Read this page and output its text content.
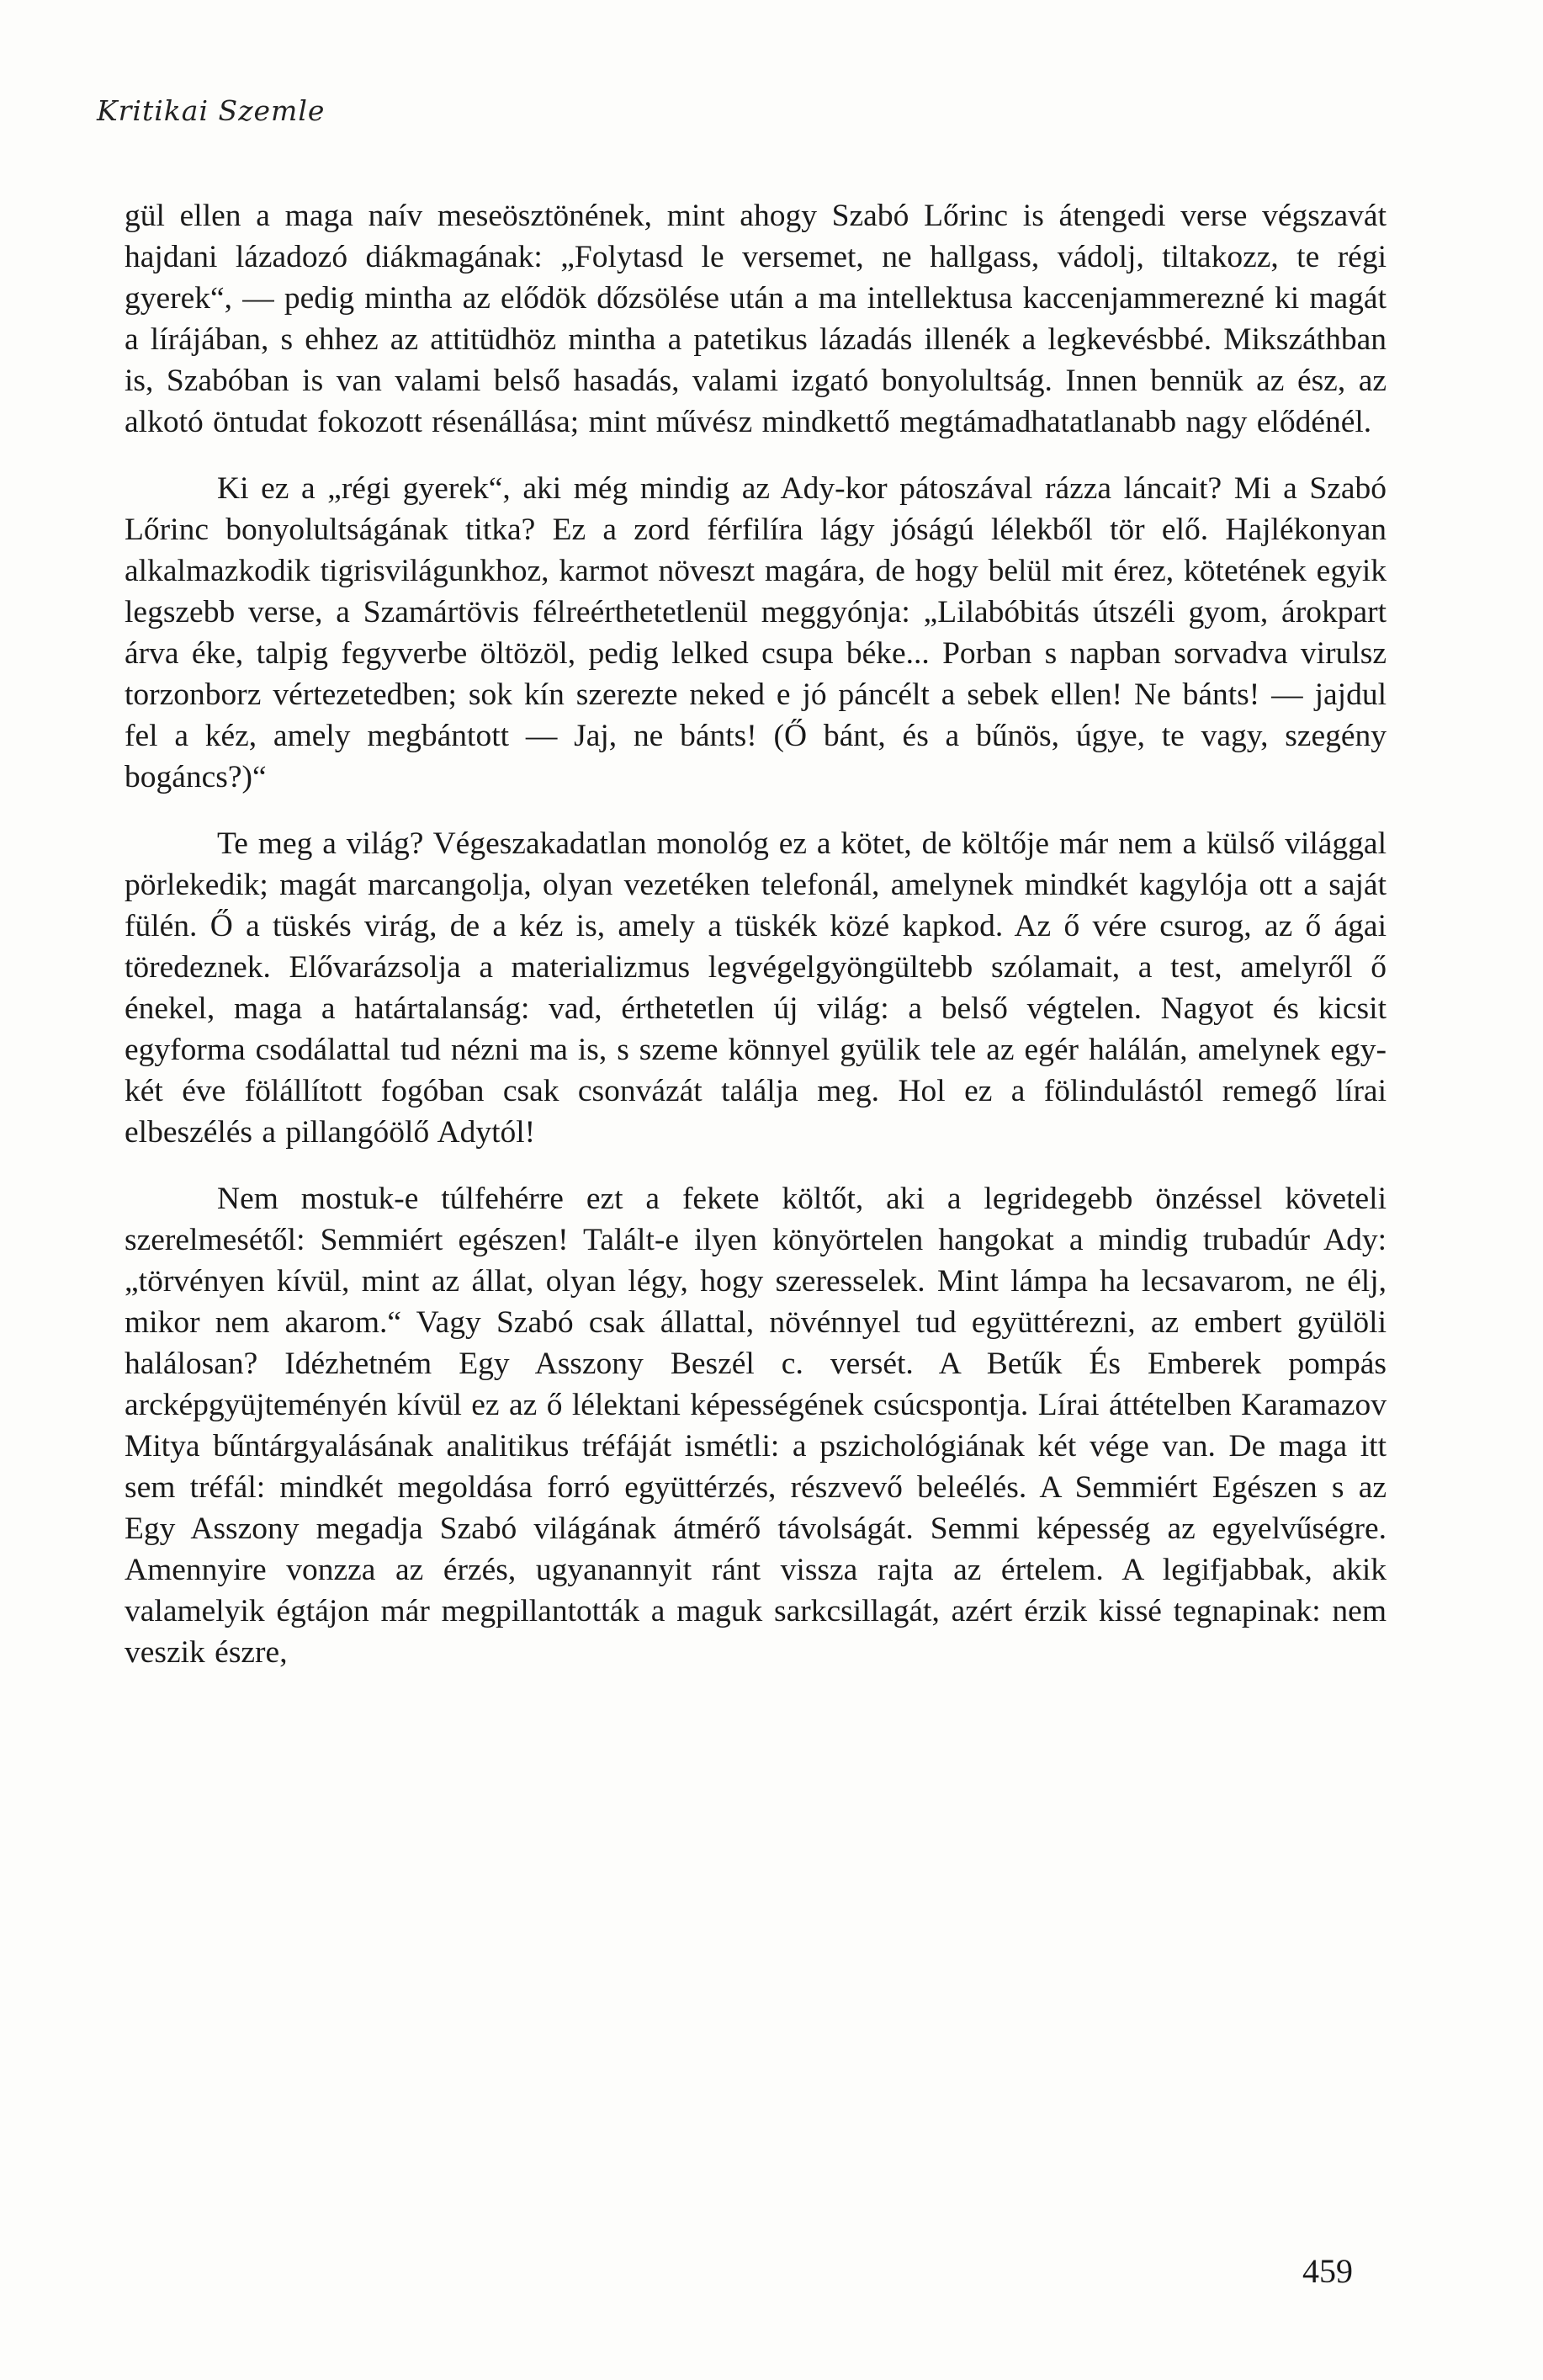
Kritikai Szemle

gül ellen a maga naív meseösztönének, mint ahogy Szabó Lőrinc is átengedi verse végszavát hajdani lázadozó diákmagának: „Folytasd le versemet, ne hallgass, vádolj, tiltakozz, te régi gyerek“, — pedig mintha az elődök dőzsölése után a ma intellektusa kaccenjammerezné ki magát a lírájában, s ehhez az attitüdhöz mintha a patetikus lázadás illenék a legkevésbbé. Mikszáthban is, Szabóban is van valami belső hasadás, valami izgató bonyolultság. Innen bennük az ész, az alkotó öntudat fokozott résenállása; mint művész mindkettő megtámadhatatlanabb nagy elődénél.

Ki ez a „régi gyerek“, aki még mindig az Ady-kor pátoszával rázza láncait? Mi a Szabó Lőrinc bonyolultságának titka? Ez a zord férfilíra lágy jóságú lélekből tör elő. Hajlékonyan alkalmazkodik tigrisvilágunkhoz, karmot növeszt magára, de hogy belül mit érez, kötetének egyik legszebb verse, a Szamártövis félreérthetetlenül meggyónja: „Lilabóbitás útszéli gyom, árokpart árva éke, talpig fegyverbe öltözöl, pedig lelked csupa béke... Porban s napban sorvadva virulsz torzonborz vértezetedben; sok kín szerezte neked e jó páncélt a sebek ellen! Ne bánts! — jajdul fel a kéz, amely megbántott — Jaj, ne bánts! (Ő bánt, és a bűnös, úgye, te vagy, szegény bogáncs?)“

Te meg a világ? Végeszakadatlan monológ ez a kötet, de költője már nem a külső világgal pörlekedik; magát marcangolja, olyan vezetéken telefonál, amelynek mindkét kagylója ott a saját fülén. Ő a tüskés virág, de a kéz is, amely a tüskék közé kapkod. Az ő vére csurog, az ő ágai töredeznek. Elővarázsolja a materializmus legvégelgyöngültebb szólamait, a test, amelyről ő énekel, maga a határtalanság: vad, érthetetlen új világ: a belső végtelen. Nagyot és kicsit egyforma csodálattal tud nézni ma is, s szeme könnyel gyülik tele az egér halálán, amelynek egy-két éve fölállított fogóban csak csonvázát találja meg. Hol ez a fölindulástól remegő lírai elbeszélés a pillangóölő Adytól!

Nem mostuk-e túlfehérre ezt a fekete költőt, aki a legridegebb önzéssel követeli szerelmesétől: Semmiért egészen! Talált-e ilyen könyörtelen hangokat a mindig trubadúr Ady: „törvényen kívül, mint az állat, olyan légy, hogy szeresselek. Mint lámpa ha lecsavarom, ne élj, mikor nem akarom.“ Vagy Szabó csak állattal, növénnyel tud együttérezni, az embert gyülöli halálosan? Idézhetném Egy Asszony Beszél c. versét. A Betűk És Emberek pompás arcképgyüjteményén kívül ez az ő lélektani képességének csúcspontja. Lírai áttételben Karamazov Mitya bűntárgyalásának analitikus tréfáját ismétli: a pszichológiának két vége van. De maga itt sem tréfál: mindkét megoldása forró együttérzés, részvevő beleélés. A Semmiért Egészen s az Egy Asszony megadja Szabó világának átmérő távolságát. Semmi képesség az egyelvűségre. Amennyire vonzza az érzés, ugyanannyit ránt vissza rajta az értelem. A legifjabbak, akik valamelyik égtájon már megpillantották a maguk sarkcsillagát, azért érzik kissé tegnapinak: nem veszik észre,

459
